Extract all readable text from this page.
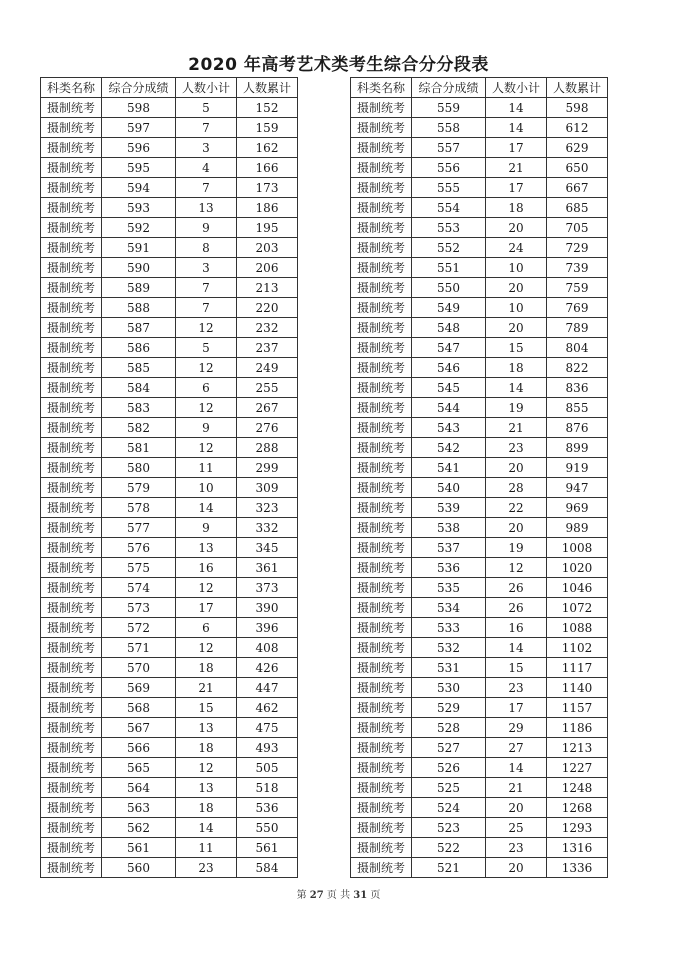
2020 年高考艺术类考生综合分分段表
科类名称	综合分成绩	人数小计	人数累计
摄制统考	598	5	152
摄制统考	597	7	159
摄制统考	596	3	162
摄制统考	595	4	166
摄制统考	594	7	173
摄制统考	593	13	186
摄制统考	592	9	195
摄制统考	591	8	203
摄制统考	590	3	206
摄制统考	589	7	213
摄制统考	588	7	220
摄制统考	587	12	232
摄制统考	586	5	237
摄制统考	585	12	249
摄制统考	584	6	255
摄制统考	583	12	267
摄制统考	582	9	276
摄制统考	581	12	288
摄制统考	580	11	299
摄制统考	579	10	309
摄制统考	578	14	323
摄制统考	577	9	332
摄制统考	576	13	345
摄制统考	575	16	361
摄制统考	574	12	373
摄制统考	573	17	390
摄制统考	572	6	396
摄制统考	571	12	408
摄制统考	570	18	426
摄制统考	569	21	447
摄制统考	568	15	462
摄制统考	567	13	475
摄制统考	566	18	493
摄制统考	565	12	505
摄制统考	564	13	518
摄制统考	563	18	536
摄制统考	562	14	550
摄制统考	561	11	561
摄制统考	560	23	584
科类名称	综合分成绩	人数小计	人数累计
摄制统考	559	14	598
摄制统考	558	14	612
摄制统考	557	17	629
摄制统考	556	21	650
摄制统考	555	17	667
摄制统考	554	18	685
摄制统考	553	20	705
摄制统考	552	24	729
摄制统考	551	10	739
摄制统考	550	20	759
摄制统考	549	10	769
摄制统考	548	20	789
摄制统考	547	15	804
摄制统考	546	18	822
摄制统考	545	14	836
摄制统考	544	19	855
摄制统考	543	21	876
摄制统考	542	23	899
摄制统考	541	20	919
摄制统考	540	28	947
摄制统考	539	22	969
摄制统考	538	20	989
摄制统考	537	19	1008
摄制统考	536	12	1020
摄制统考	535	26	1046
摄制统考	534	26	1072
摄制统考	533	16	1088
摄制统考	532	14	1102
摄制统考	531	15	1117
摄制统考	530	23	1140
摄制统考	529	17	1157
摄制统考	528	29	1186
摄制统考	527	27	1213
摄制统考	526	14	1227
摄制统考	525	21	1248
摄制统考	524	20	1268
摄制统考	523	25	1293
摄制统考	522	23	1316
摄制统考	521	20	1336
第 27 页 共 31 页
